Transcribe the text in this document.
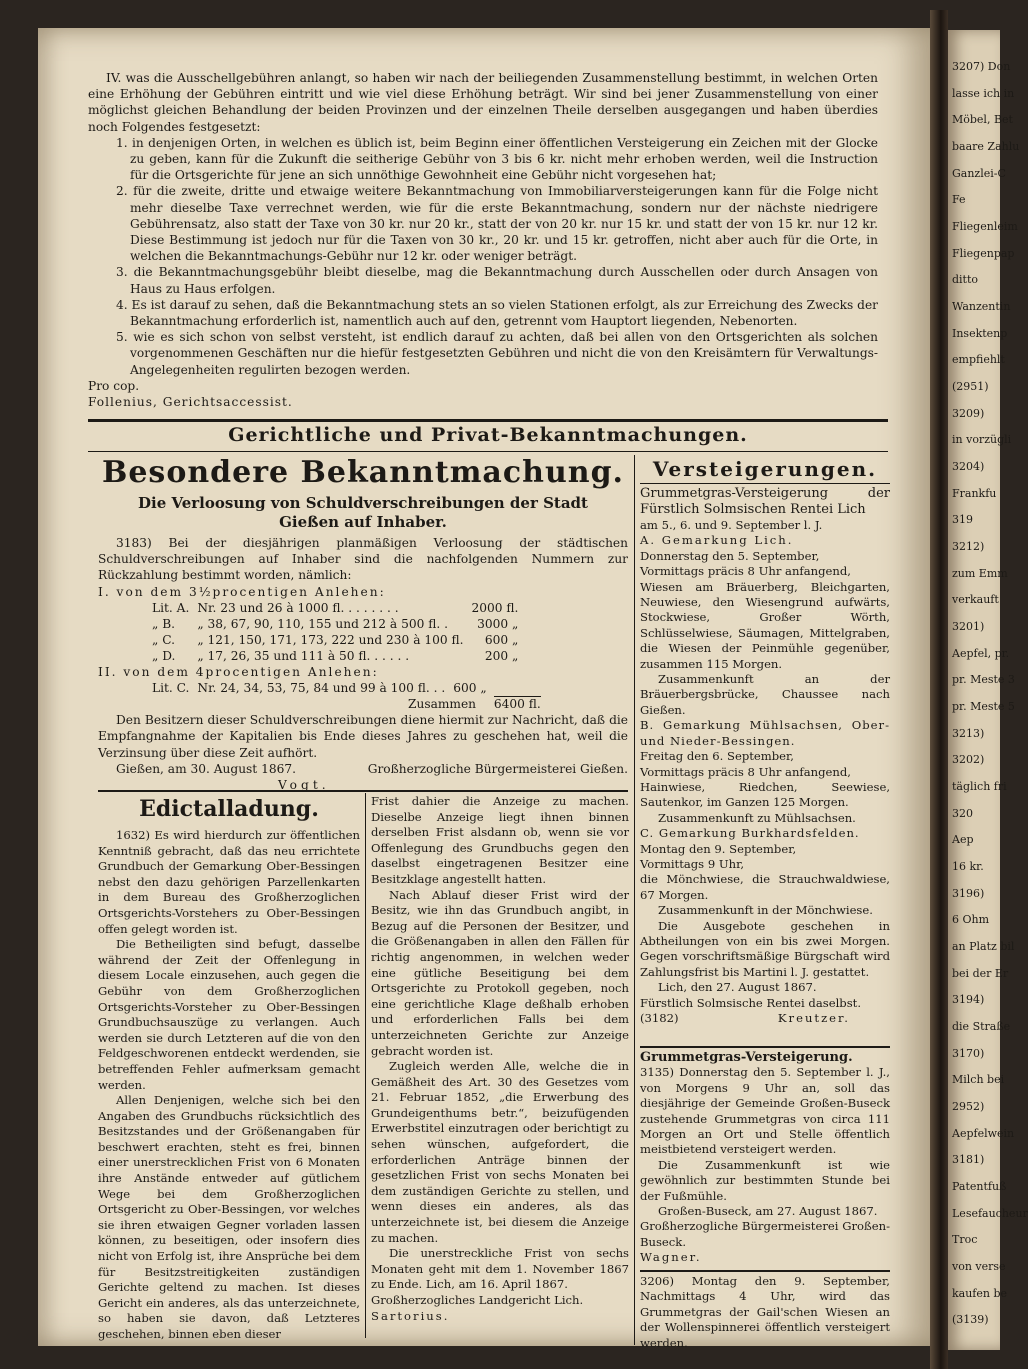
IV. was die Ausschellgebühren anlangt, so haben wir nach der beiliegenden Zusammenstellung bestimmt, in welchen Orten eine Erhöhung der Gebühren eintritt und wie viel diese Erhöhung beträgt. Wir sind bei jener Zusammenstellung von einer möglichst gleichen Behandlung der beiden Provinzen und der einzelnen Theile derselben ausgegangen und haben überdies noch Folgendes festgesetzt:

1. in denjenigen Orten, in welchen es üblich ist, beim Beginn einer öffentlichen Versteigerung ein Zeichen mit der Glocke zu geben, kann für die Zukunft die seitherige Gebühr von 3 bis 6 kr. nicht mehr erhoben werden, weil die Instruction für die Ortsgerichte für jene an sich unnöthige Gewohnheit eine Gebühr nicht vorgesehen hat;

2. für die zweite, dritte und etwaige weitere Bekanntmachung von Immobiliarversteigerungen kann für die Folge nicht mehr dieselbe Taxe verrechnet werden, wie für die erste Bekanntmachung, sondern nur der nächste niedrigere Gebührensatz, also statt der Taxe von 30 kr. nur 20 kr., statt der von 20 kr. nur 15 kr. und statt der von 15 kr. nur 12 kr. Diese Bestimmung ist jedoch nur für die Taxen von 30 kr., 20 kr. und 15 kr. getroffen, nicht aber auch für die Orte, in welchen die Bekanntmachungs-Gebühr nur 12 kr. oder weniger beträgt.

3. die Bekanntmachungsgebühr bleibt dieselbe, mag die Bekanntmachung durch Ausschellen oder durch Ansagen von Haus zu Haus erfolgen.

4. Es ist darauf zu sehen, daß die Bekanntmachung stets an so vielen Stationen erfolgt, als zur Erreichung des Zwecks der Bekanntmachung erforderlich ist, namentlich auch auf den, getrennt vom Hauptort liegenden, Nebenorten.

5. wie es sich schon von selbst versteht, ist endlich darauf zu achten, daß bei allen von den Ortsgerichten als solchen vorgenommenen Geschäften nur die hiefür festgesetzten Gebühren und nicht die von den Kreisämtern für Verwaltungs-Angelegenheiten regulirten bezogen werden.

Pro cop.

Follenius, Gerichtsaccessist.

Gerichtliche und Privat-Bekanntmachungen.
Besondere Bekanntmachung.
Die Verloosung von Schuldverschreibungen der Stadt Gießen auf Inhaber.

3183) Bei der diesjährigen planmäßigen Verloosung der städtischen Schuldverschreibungen auf Inhaber sind die nachfolgenden Nummern zur Rückzahlung bestimmt worden, nämlich:

I. von dem 3½procentigen Anlehen:

Lit. A.	Nr. 23 und 26 à 1000 fl. . . . . . . .	2000 fl.
„ B.	„ 38, 67, 90, 110, 155 und 212 à 500 fl. .	3000 „
„ C.	„ 121, 150, 171, 173, 222 und 230 à 100 fl.	600 „
„ D.	„ 17, 26, 35 und 111 à 50 fl. . . . . .	200 „

II. von dem 4procentigen Anlehen:

Lit. C.	Nr. 24, 34, 53, 75, 84 und 99 à 100 fl. . .	600 „

Zusammen 6400 fl.

Den Besitzern dieser Schuldverschreibungen diene hiermit zur Nachricht, daß die Empfangnahme der Kapitalien bis Ende dieses Jahres zu geschehen hat, weil die Verzinsung über diese Zeit aufhört.

Gießen, am 30. August 1867.	Großherzogliche Bürgermeisterei Gießen.

Vogt.

Edictalladung.

1632) Es wird hierdurch zur öffentlichen Kenntniß gebracht, daß das neu errichtete Grundbuch der Gemarkung Ober-Bessingen nebst den dazu gehörigen Parzellenkarten in dem Bureau des Großherzoglichen Ortsgerichts-Vorstehers zu Ober-Bessingen offen gelegt worden ist.

Die Betheiligten sind befugt, dasselbe während der Zeit der Offenlegung in diesem Locale einzusehen, auch gegen die Gebühr von dem Großherzoglichen Ortsgerichts-Vorsteher zu Ober-Bessingen Grundbuchsauszüge zu verlangen. Auch werden sie durch Letzteren auf die von den Feldgeschworenen entdeckt werdenden, sie betreffenden Fehler aufmerksam gemacht werden.

Allen Denjenigen, welche sich bei den Angaben des Grundbuchs rücksichtlich des Besitzstandes und der Größenangaben für beschwert erachten, steht es frei, binnen einer unerstrecklichen Frist von 6 Monaten ihre Anstände entweder auf gütlichem Wege bei dem Großherzoglichen Ortsgericht zu Ober-Bessingen, vor welches sie ihren etwaigen Gegner vorladen lassen können, zu beseitigen, oder insofern dies nicht von Erfolg ist, ihre Ansprüche bei dem für Besitzstreitigkeiten zuständigen Gerichte geltend zu machen. Ist dieses Gericht ein anderes, als das unterzeichnete, so haben sie davon, daß Letzteres geschehen, binnen eben dieser

Frist dahier die Anzeige zu machen. Dieselbe Anzeige liegt ihnen binnen derselben Frist alsdann ob, wenn sie vor Offenlegung des Grundbuchs gegen den daselbst eingetragenen Besitzer eine Besitzklage angestellt hatten.

Nach Ablauf dieser Frist wird der Besitz, wie ihn das Grundbuch angibt, in Bezug auf die Personen der Besitzer, und die Größenangaben in allen den Fällen für richtig angenommen, in welchen weder eine gütliche Beseitigung bei dem Ortsgerichte zu Protokoll gegeben, noch eine gerichtliche Klage deßhalb erhoben und erforderlichen Falls bei dem unterzeichneten Gerichte zur Anzeige gebracht worden ist.

Zugleich werden Alle, welche die in Gemäßheit des Art. 30 des Gesetzes vom 21. Februar 1852, „die Erwerbung des Grundeigenthums betr.“, beizufügenden Erwerbstitel einzutragen oder berichtigt zu sehen wünschen, aufgefordert, die erforderlichen Anträge binnen der gesetzlichen Frist von sechs Monaten bei dem zuständigen Gerichte zu stellen, und wenn dieses ein anderes, als das unterzeichnete ist, bei diesem die Anzeige zu machen.

Die unerstreckliche Frist von sechs Monaten geht mit dem 1. November 1867 zu Ende. Lich, am 16. April 1867.

Großherzogliches Landgericht Lich.

Sartorius.

Versteigerungen.

Grummetgras-Versteigerung der Fürstlich Solmsischen Rentei Lich

am 5., 6. und 9. September l. J.

A. Gemarkung Lich.

Donnerstag den 5. September,

Vormittags präcis 8 Uhr anfangend,

Wiesen am Bräuerberg, Bleichgarten, Neuwiese, den Wiesengrund aufwärts, Stockwiese, Großer Wörth, Schlüsselwiese, Säumagen, Mittelgraben, die Wiesen der Peinmühle gegenüber, zusammen 115 Morgen.

Zusammenkunft an der Bräuerbergsbrücke, Chaussee nach Gießen.

B. Gemarkung Mühlsachsen, Ober- und Nieder-Bessingen.

Freitag den 6. September,

Vormittags präcis 8 Uhr anfangend,

Hainwiese, Riedchen, Seewiese, Sautenkor, im Ganzen 125 Morgen.

Zusammenkunft zu Mühlsachsen.

C. Gemarkung Burkhardsfelden.

Montag den 9. September,

Vormittags 9 Uhr,

die Mönchwiese, die Strauchwaldwiese, 67 Morgen.

Zusammenkunft in der Mönchwiese.

Die Ausgebote geschehen in Abtheilungen von ein bis zwei Morgen. Gegen vorschriftsmäßige Bürgschaft wird Zahlungsfrist bis Martini l. J. gestattet.

Lich, den 27. August 1867.

Fürstlich Solmsische Rentei daselbst.

(3182)	Kreutzer.

Grummetgras-Versteigerung.

3135) Donnerstag den 5. September l. J., von Morgens 9 Uhr an, soll das diesjährige der Gemeinde Großen-Buseck zustehende Grummetgras von circa 111 Morgen an Ort und Stelle öffentlich meistbietend versteigert werden.

Die Zusammenkunft ist wie gewöhnlich zur bestimmten Stunde bei der Fußmühle.

Großen-Buseck, am 27. August 1867.

Großherzogliche Bürgermeisterei Großen-Buseck.

Wagner.

3206) Montag den 9. September, Nachmittags 4 Uhr, wird das Grummetgras der Gail'schen Wiesen an der Wollenspinnerei öffentlich versteigert werden.

3207) Don
lasse ich in
Möbel, Bet
baare Zahlu
Ganzlei-C
Fe
Fliegenleim
Fliegenpap
ditto
Wanzentin
Insektenp
empfiehlt
(2951)
3209)
in vorzügli
3204)
Frankfu
319
3212)
zum Emm
verkauft
3201)
Aepfel, pr.
pr. Meste 3
pr. Meste 5
3213)
3202)
täglich fri
320
Aep
16 kr.
3196)
6 Ohm
an Platz bil
bei der Er
3194)
die Straße
3170)
Milch bei
2952)
Aepfelwein
3181)
Patentfuß
Lesefaucheur
Troc
von verse
kaufen be
(3139)
